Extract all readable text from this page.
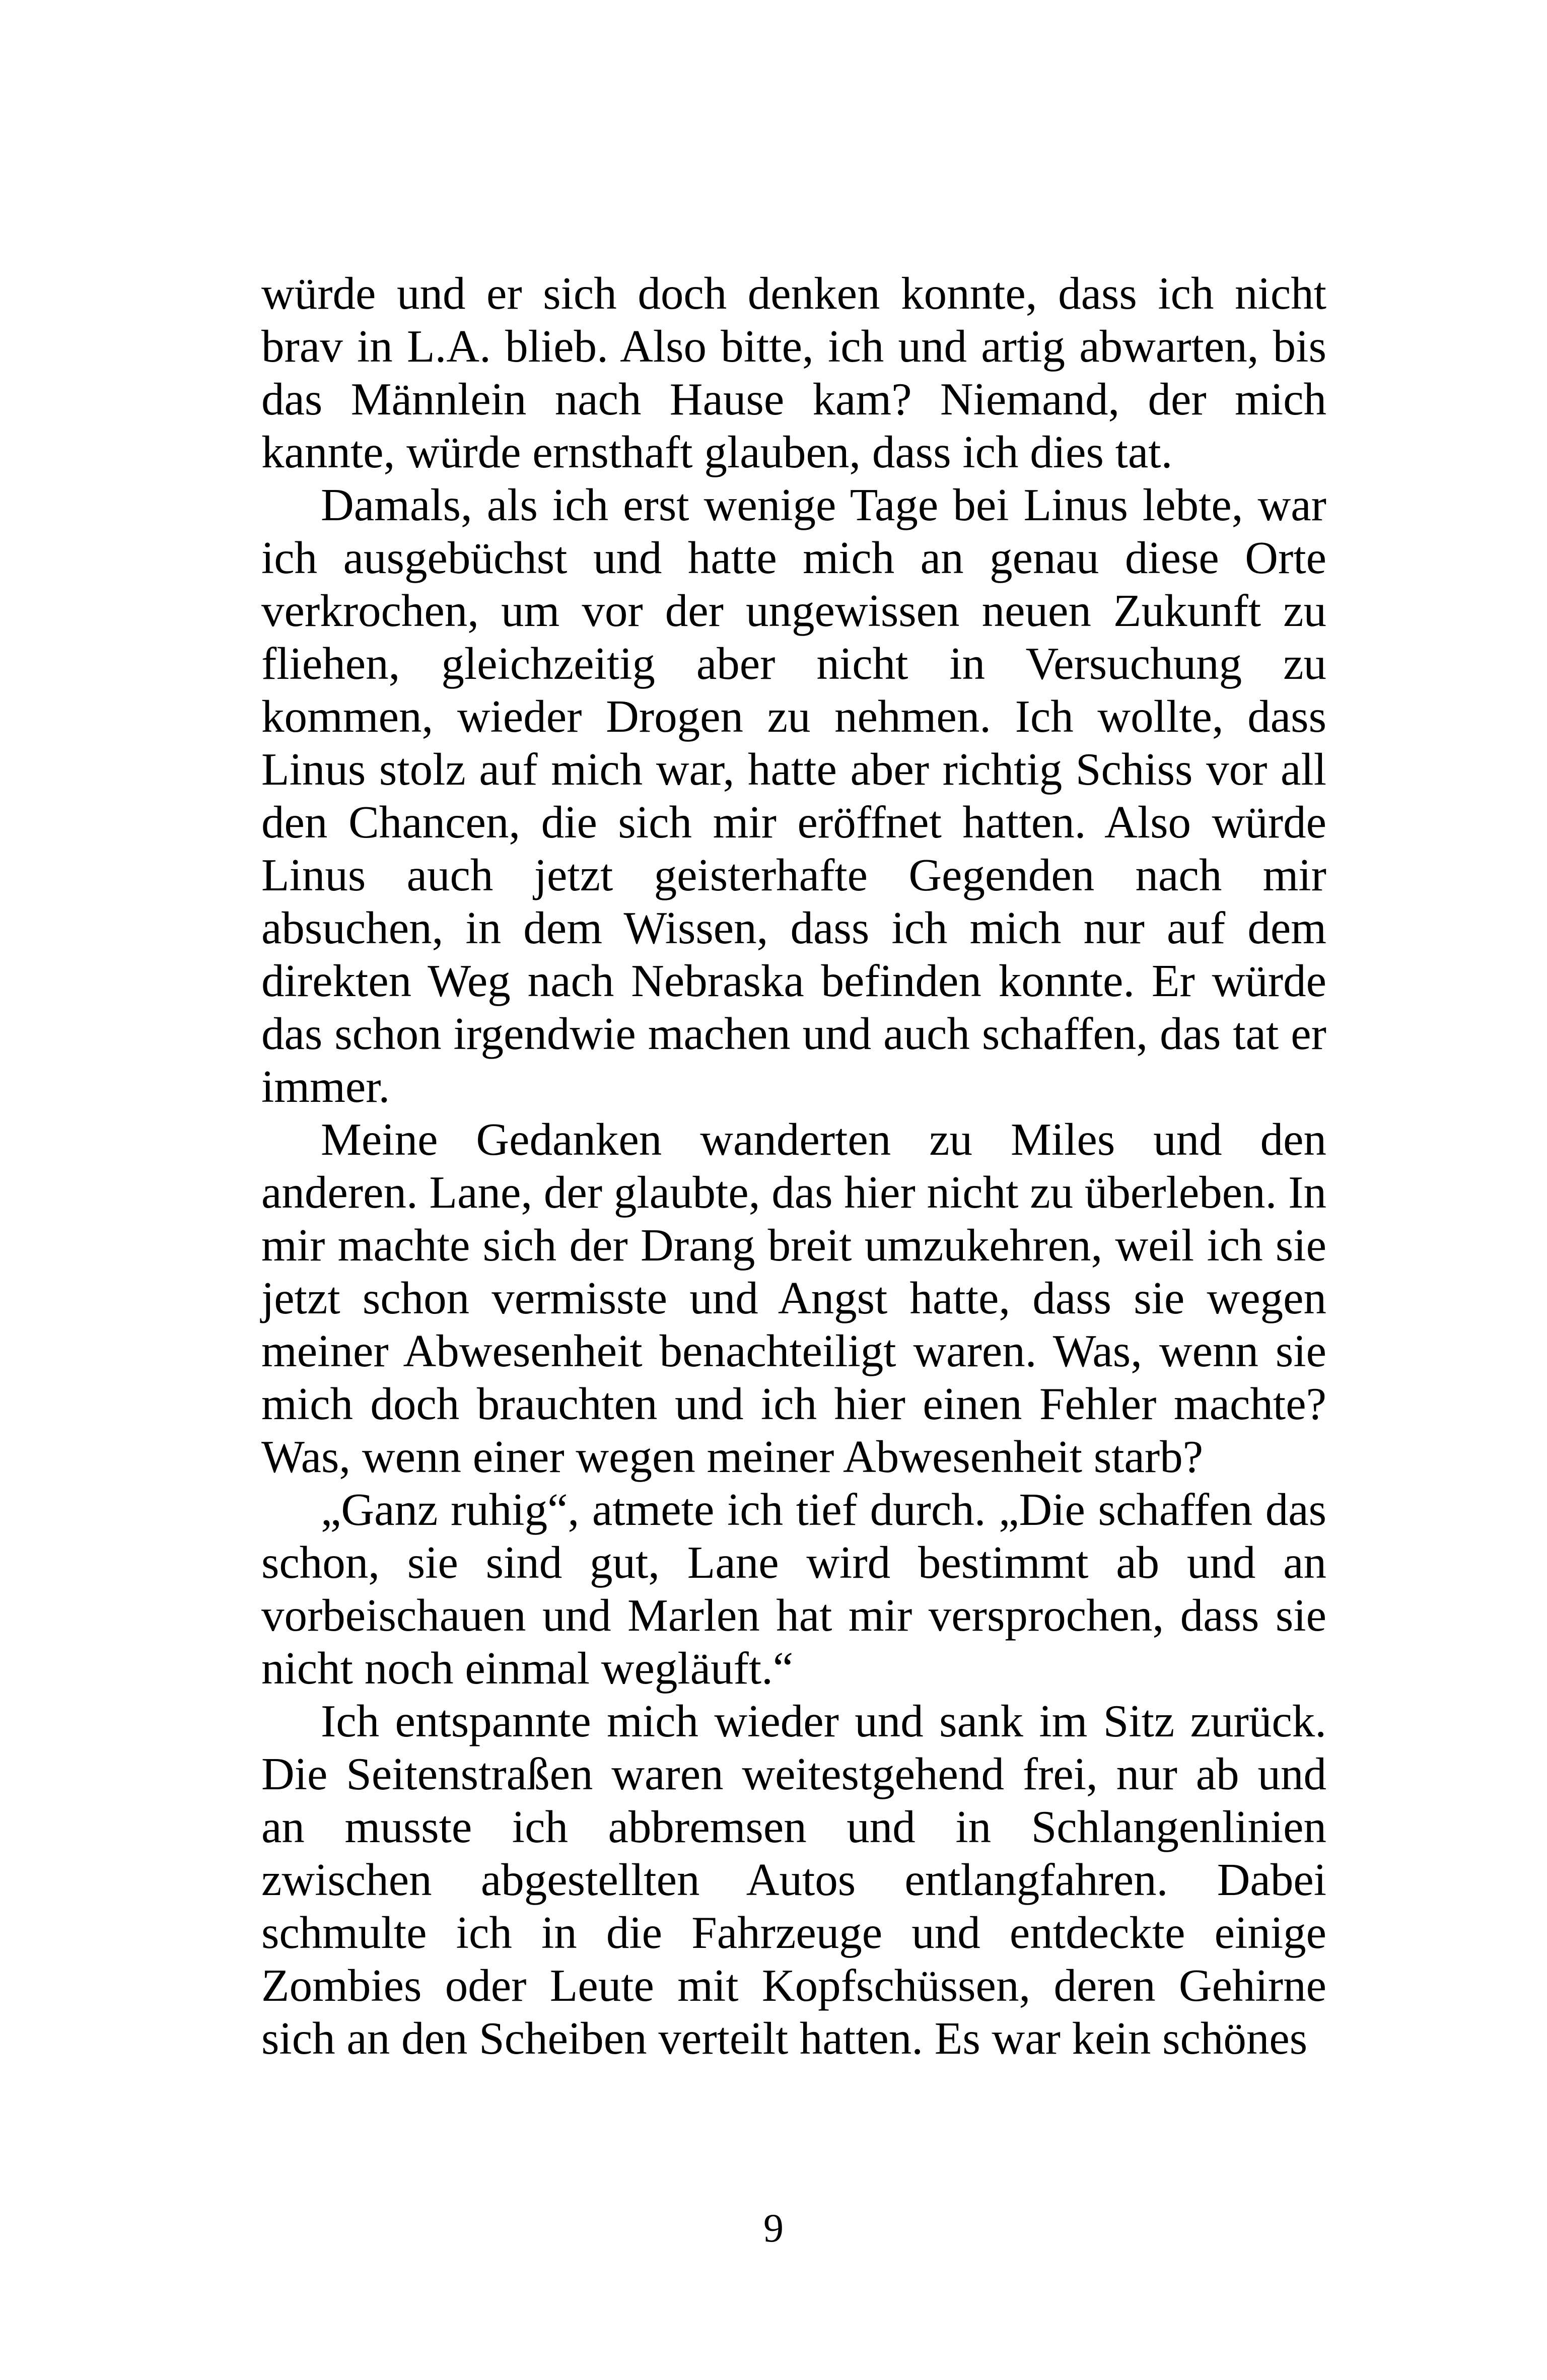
würde und er sich doch denken konnte, dass ich nicht brav in L.A. blieb. Also bitte, ich und artig abwarten, bis das Männlein nach Hause kam? Niemand, der mich kannte, würde ernsthaft glauben, dass ich dies tat.

Damals, als ich erst wenige Tage bei Linus lebte, war ich ausgebüchst und hatte mich an genau diese Orte verkrochen, um vor der ungewissen neuen Zukunft zu fliehen, gleichzeitig aber nicht in Versuchung zu kommen, wieder Drogen zu nehmen. Ich wollte, dass Linus stolz auf mich war, hatte aber richtig Schiss vor all den Chancen, die sich mir eröffnet hatten. Also würde Linus auch jetzt geisterhafte Gegenden nach mir absuchen, in dem Wissen, dass ich mich nur auf dem direkten Weg nach Nebraska befinden konnte. Er würde das schon irgendwie machen und auch schaffen, das tat er immer.

Meine Gedanken wanderten zu Miles und den anderen. Lane, der glaubte, das hier nicht zu überleben. In mir machte sich der Drang breit umzukehren, weil ich sie jetzt schon vermisste und Angst hatte, dass sie wegen meiner Abwesenheit benachteiligt waren. Was, wenn sie mich doch brauchten und ich hier einen Fehler machte? Was, wenn einer wegen meiner Abwesenheit starb?

„Ganz ruhig“, atmete ich tief durch. „Die schaffen das schon, sie sind gut, Lane wird bestimmt ab und an vorbeischauen und Marlen hat mir versprochen, dass sie nicht noch einmal wegläuft.“

Ich entspannte mich wieder und sank im Sitz zurück. Die Seitenstraßen waren weitestgehend frei, nur ab und an musste ich abbremsen und in Schlangenlinien zwischen abgestellten Autos entlangfahren. Dabei schmulte ich in die Fahrzeuge und entdeckte einige Zombies oder Leute mit Kopfschüssen, deren Gehirne sich an den Scheiben verteilt hatten. Es war kein schönes

9
